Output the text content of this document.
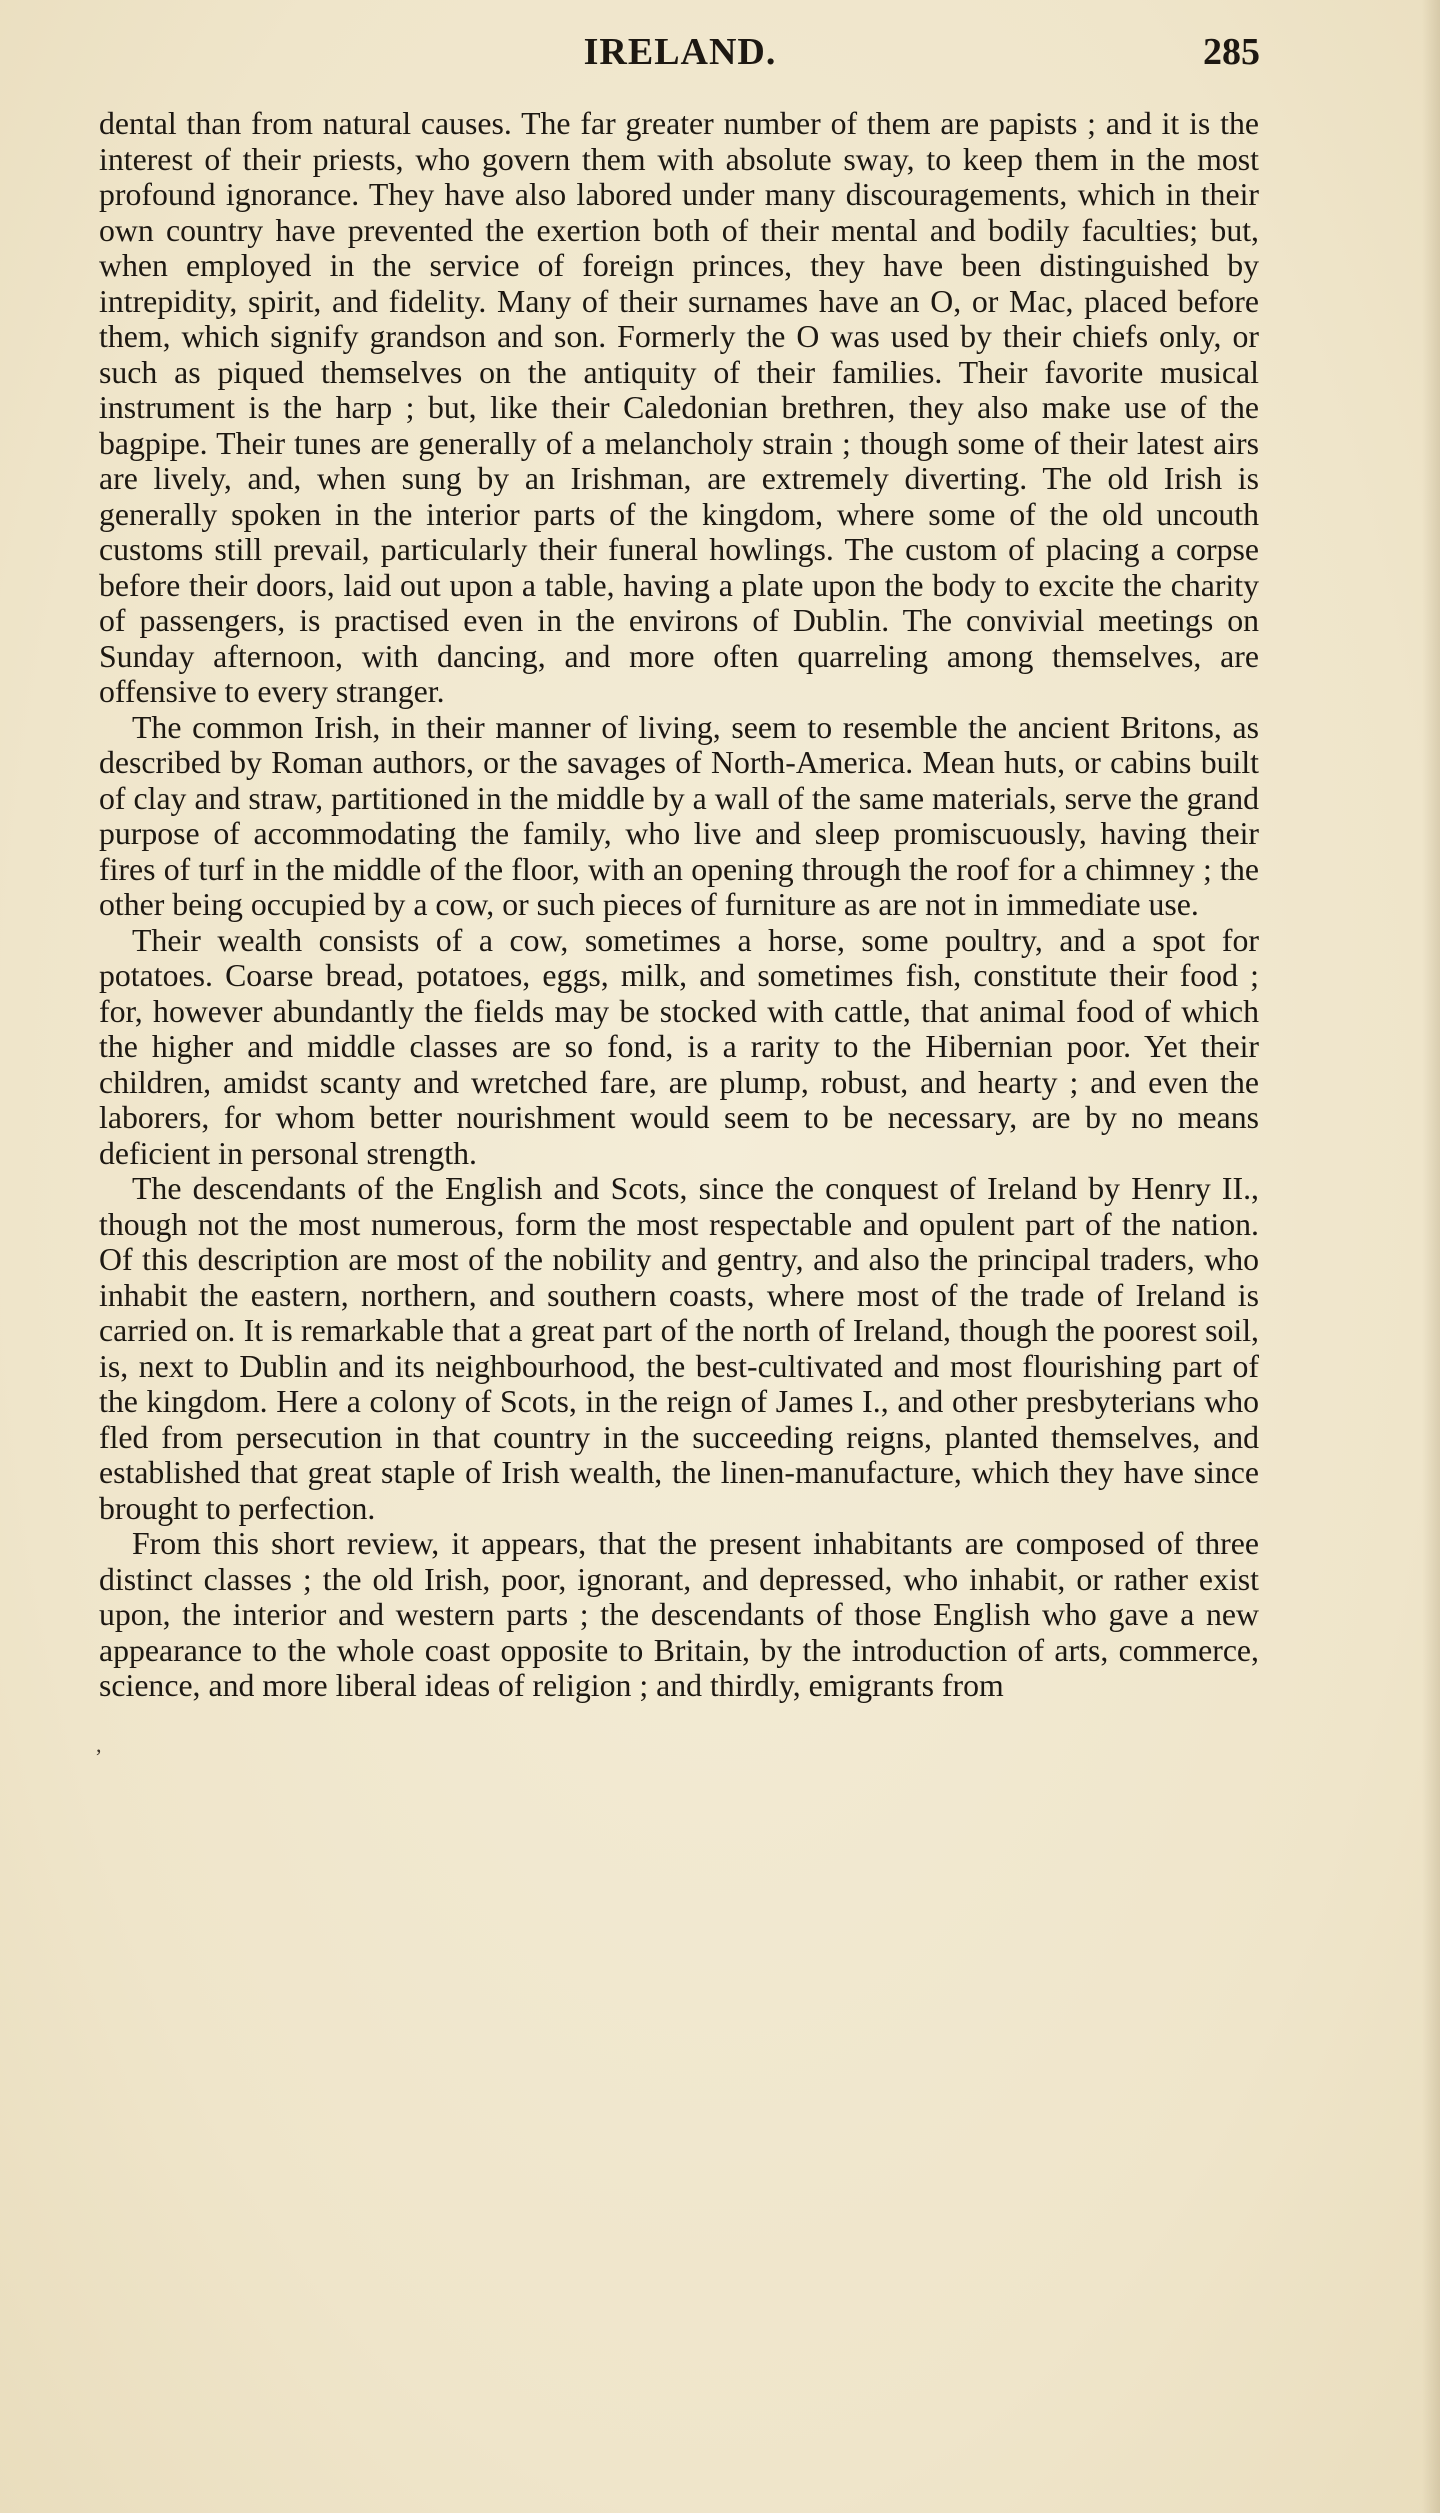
IRELAND.	285

dental than from natural causes. The far greater number of them are papists ; and it is the interest of their priests, who govern them with absolute sway, to keep them in the most profound ignorance. They have also labored under many discouragements, which in their own country have prevented the exertion both of their mental and bodily faculties; but, when employed in the service of foreign princes, they have been distinguished by intrepidity, spirit, and fidelity. Many of their surnames have an O, or Mac, placed before them, which signify grandson and son. Formerly the O was used by their chiefs only, or such as piqued themselves on the antiquity of their families. Their favorite musical instrument is the harp ; but, like their Caledonian brethren, they also make use of the bagpipe. Their tunes are generally of a melancholy strain ; though some of their latest airs are lively, and, when sung by an Irishman, are extremely diverting. The old Irish is generally spoken in the interior parts of the kingdom, where some of the old uncouth customs still prevail, particularly their funeral howlings. The custom of placing a corpse before their doors, laid out upon a table, having a plate upon the body to excite the charity of passengers, is practised even in the environs of Dublin. The convivial meetings on Sunday afternoon, with dancing, and more often quarreling among themselves, are offensive to every stranger.

The common Irish, in their manner of living, seem to resemble the ancient Britons, as described by Roman authors, or the savages of North-America. Mean huts, or cabins built of clay and straw, partitioned in the middle by a wall of the same materials, serve the grand purpose of accommodating the family, who live and sleep promiscuously, having their fires of turf in the middle of the floor, with an opening through the roof for a chimney ; the other being occupied by a cow, or such pieces of furniture as are not in immediate use.

Their wealth consists of a cow, sometimes a horse, some poultry, and a spot for potatoes. Coarse bread, potatoes, eggs, milk, and sometimes fish, constitute their food ; for, however abundantly the fields may be stocked with cattle, that animal food of which the higher and middle classes are so fond, is a rarity to the Hibernian poor. Yet their children, amidst scanty and wretched fare, are plump, robust, and hearty ; and even the laborers, for whom better nourishment would seem to be necessary, are by no means deficient in personal strength.

The descendants of the English and Scots, since the conquest of Ireland by Henry II., though not the most numerous, form the most respectable and opulent part of the nation. Of this description are most of the nobility and gentry, and also the principal traders, who inhabit the eastern, northern, and southern coasts, where most of the trade of Ireland is carried on. It is remarkable that a great part of the north of Ireland, though the poorest soil, is, next to Dublin and its neighbourhood, the best-cultivated and most flourishing part of the kingdom. Here a colony of Scots, in the reign of James I., and other presbyterians who fled from persecution in that country in the succeeding reigns, planted themselves, and established that great staple of Irish wealth, the linen-manufacture, which they have since brought to perfection.

From this short review, it appears, that the present inhabitants are composed of three distinct classes ; the old Irish, poor, ignorant, and depressed, who inhabit, or rather exist upon, the interior and western parts ; the descendants of those English who gave a new appearance to the whole coast opposite to Britain, by the introduction of arts, commerce, science, and more liberal ideas of religion ; and thirdly, emigrants from

,
